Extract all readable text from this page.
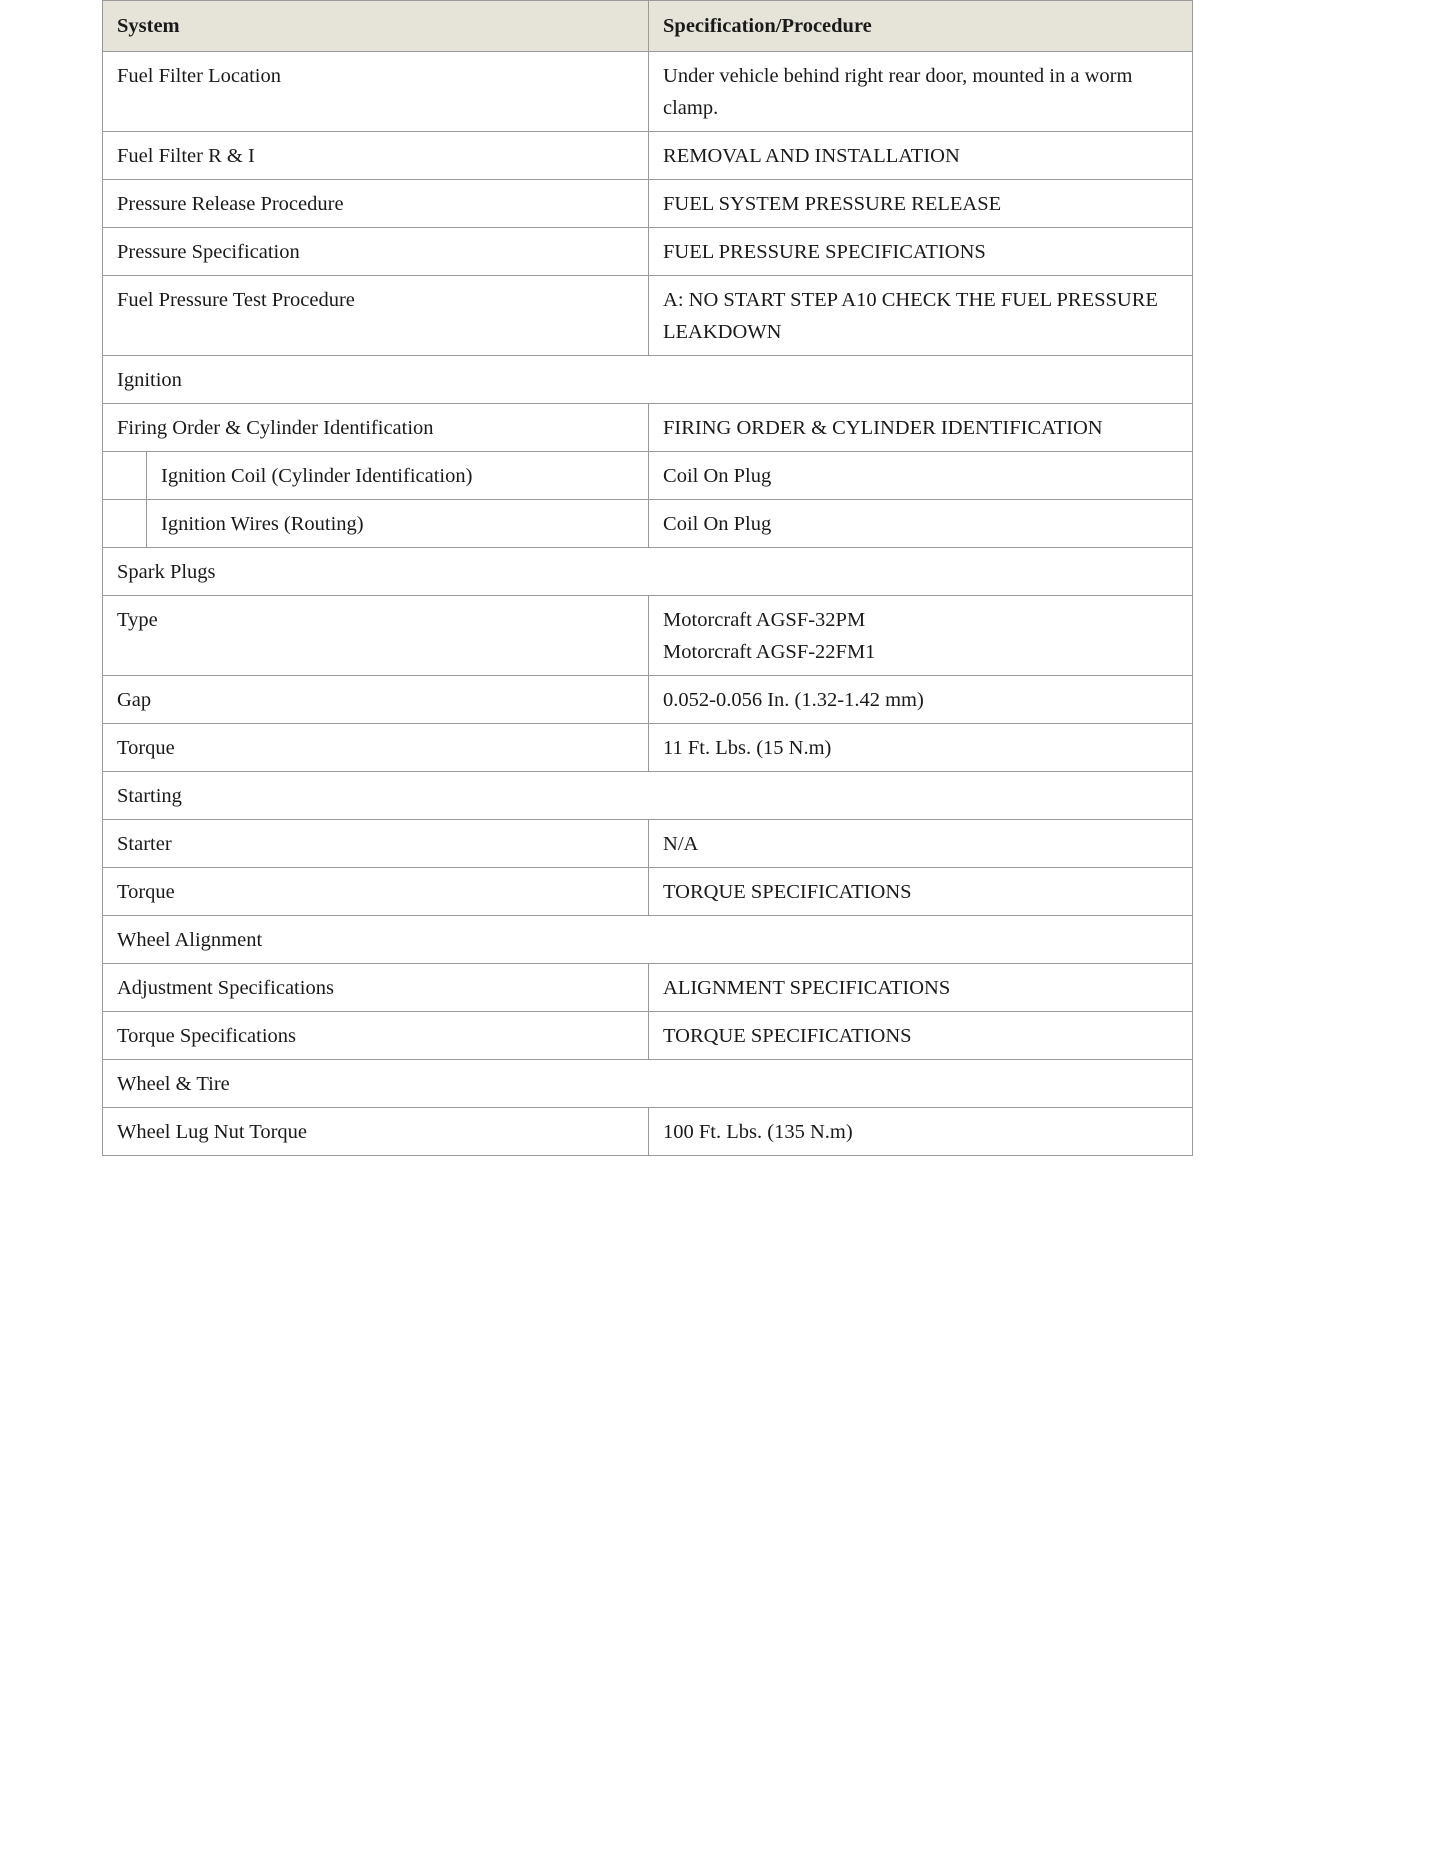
System		Specification/Procedure
Fuel Filter Location		Under vehicle behind right rear door, mounted in a worm clamp.
Fuel Filter R & I		REMOVAL AND INSTALLATION
Pressure Release Procedure		FUEL SYSTEM PRESSURE RELEASE
Pressure Specification		FUEL PRESSURE SPECIFICATIONS
Fuel Pressure Test Procedure		A: NO START STEP A10 CHECK THE FUEL PRESSURE LEAKDOWN
Ignition		
Firing Order & Cylinder Identification		FIRING ORDER & CYLINDER IDENTIFICATION
	Ignition Coil (Cylinder Identification)	Coil On Plug
	Ignition Wires (Routing)	Coil On Plug
Spark Plugs		
Type		Motorcraft AGSF-32PM
Motorcraft AGSF-22FM1

Gap		0.052-0.056 In. (1.32-1.42 mm)
Torque		11 Ft. Lbs. (15 N.m)
Starting		
Starter		N/A
Torque		TORQUE SPECIFICATIONS
Wheel Alignment		
Adjustment Specifications		ALIGNMENT SPECIFICATIONS
Torque Specifications		TORQUE SPECIFICATIONS
Wheel & Tire		
Wheel Lug Nut Torque		100 Ft. Lbs. (135 N.m)
